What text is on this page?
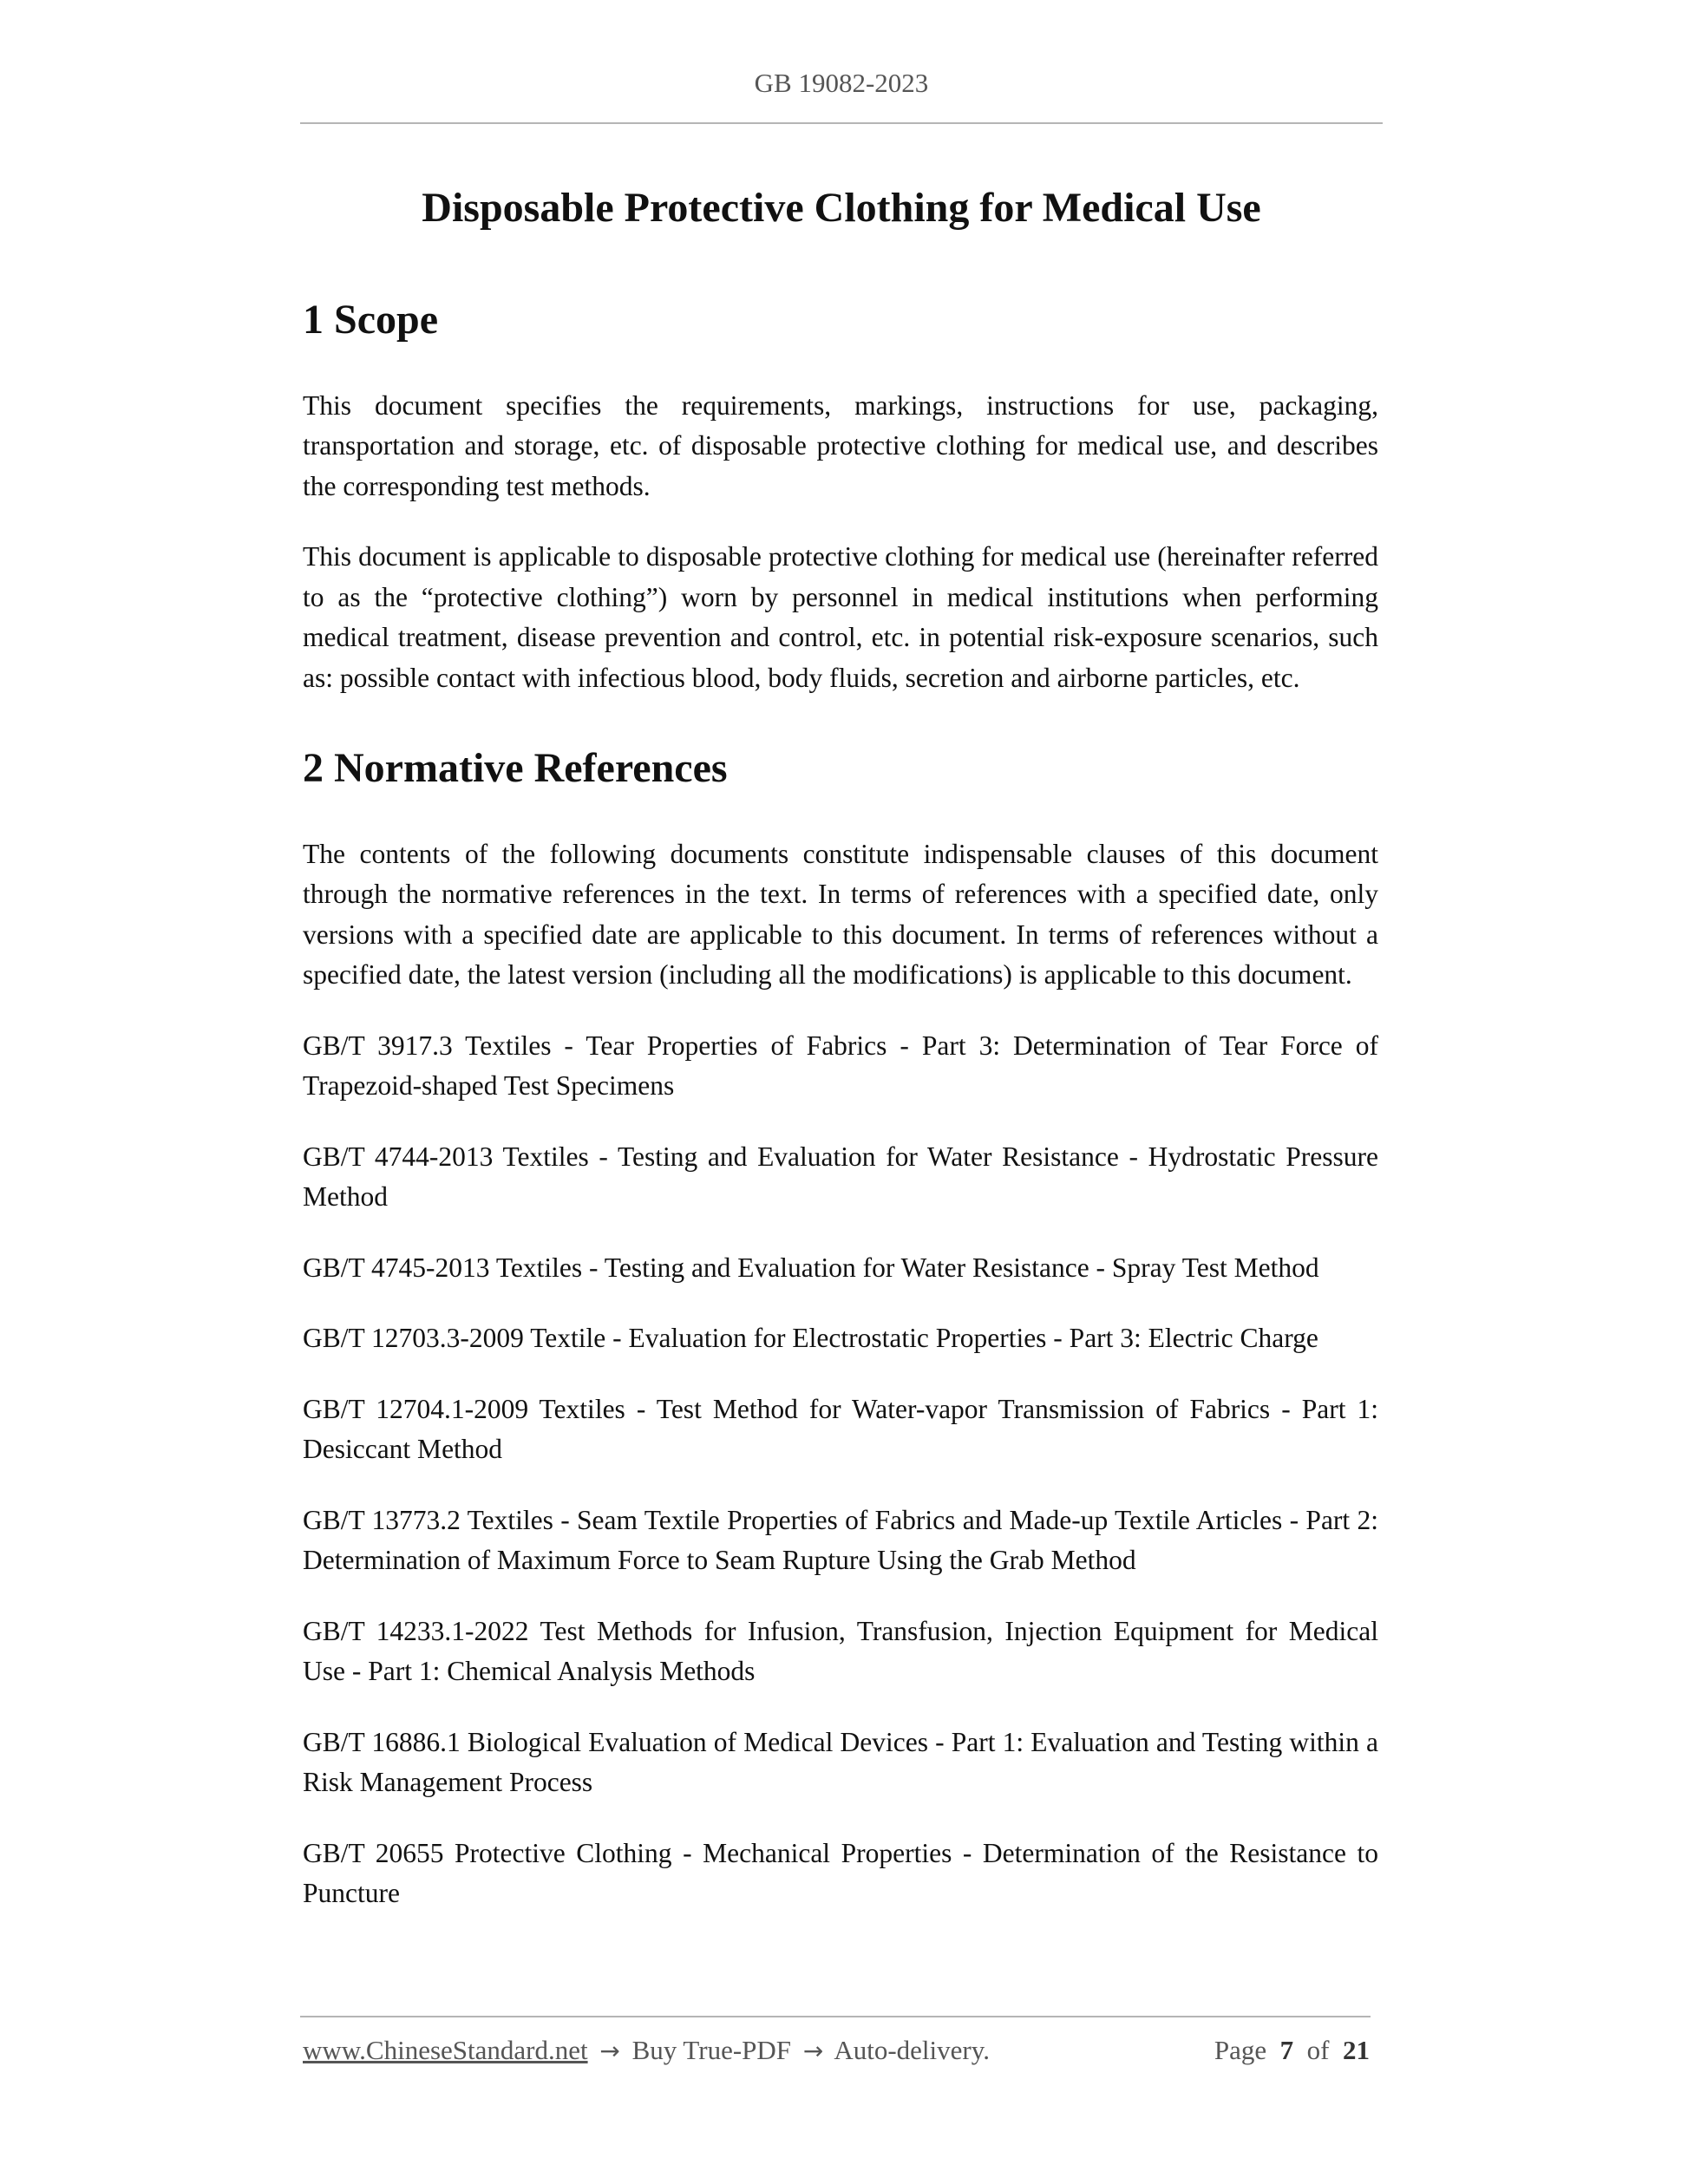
GB 19082-2023
Disposable Protective Clothing for Medical Use
1 Scope

This document specifies the requirements, markings, instructions for use, packaging, transportation and storage, etc. of disposable protective clothing for medical use, and describes the corresponding test methods.

This document is applicable to disposable protective clothing for medical use (hereinafter referred to as the “protective clothing”) worn by personnel in medical institutions when performing medical treatment, disease prevention and control, etc. in potential risk-exposure scenarios, such as: possible contact with infectious blood, body fluids, secretion and airborne particles, etc.

2 Normative References

The contents of the following documents constitute indispensable clauses of this document through the normative references in the text. In terms of references with a specified date, only versions with a specified date are applicable to this document. In terms of references without a specified date, the latest version (including all the modifications) is applicable to this document.

GB/T 3917.3 Textiles - Tear Properties of Fabrics - Part 3: Determination of Tear Force of Trapezoid-shaped Test Specimens
GB/T 4744-2013 Textiles - Testing and Evaluation for Water Resistance - Hydrostatic Pressure Method
GB/T 4745-2013 Textiles - Testing and Evaluation for Water Resistance - Spray Test Method
GB/T 12703.3-2009 Textile - Evaluation for Electrostatic Properties - Part 3: Electric Charge
GB/T 12704.1-2009 Textiles - Test Method for Water-vapor Transmission of Fabrics - Part 1: Desiccant Method
GB/T 13773.2 Textiles - Seam Textile Properties of Fabrics and Made-up Textile Articles - Part 2: Determination of Maximum Force to Seam Rupture Using the Grab Method
GB/T 14233.1-2022 Test Methods for Infusion, Transfusion, Injection Equipment for Medical Use - Part 1: Chemical Analysis Methods
GB/T 16886.1 Biological Evaluation of Medical Devices - Part 1: Evaluation and Testing within a Risk Management Process
GB/T 20655 Protective Clothing - Mechanical Properties - Determination of the Resistance to Puncture
www.ChineseStandard.net → Buy True-PDF → Auto-delivery.	Page 7 of 21
